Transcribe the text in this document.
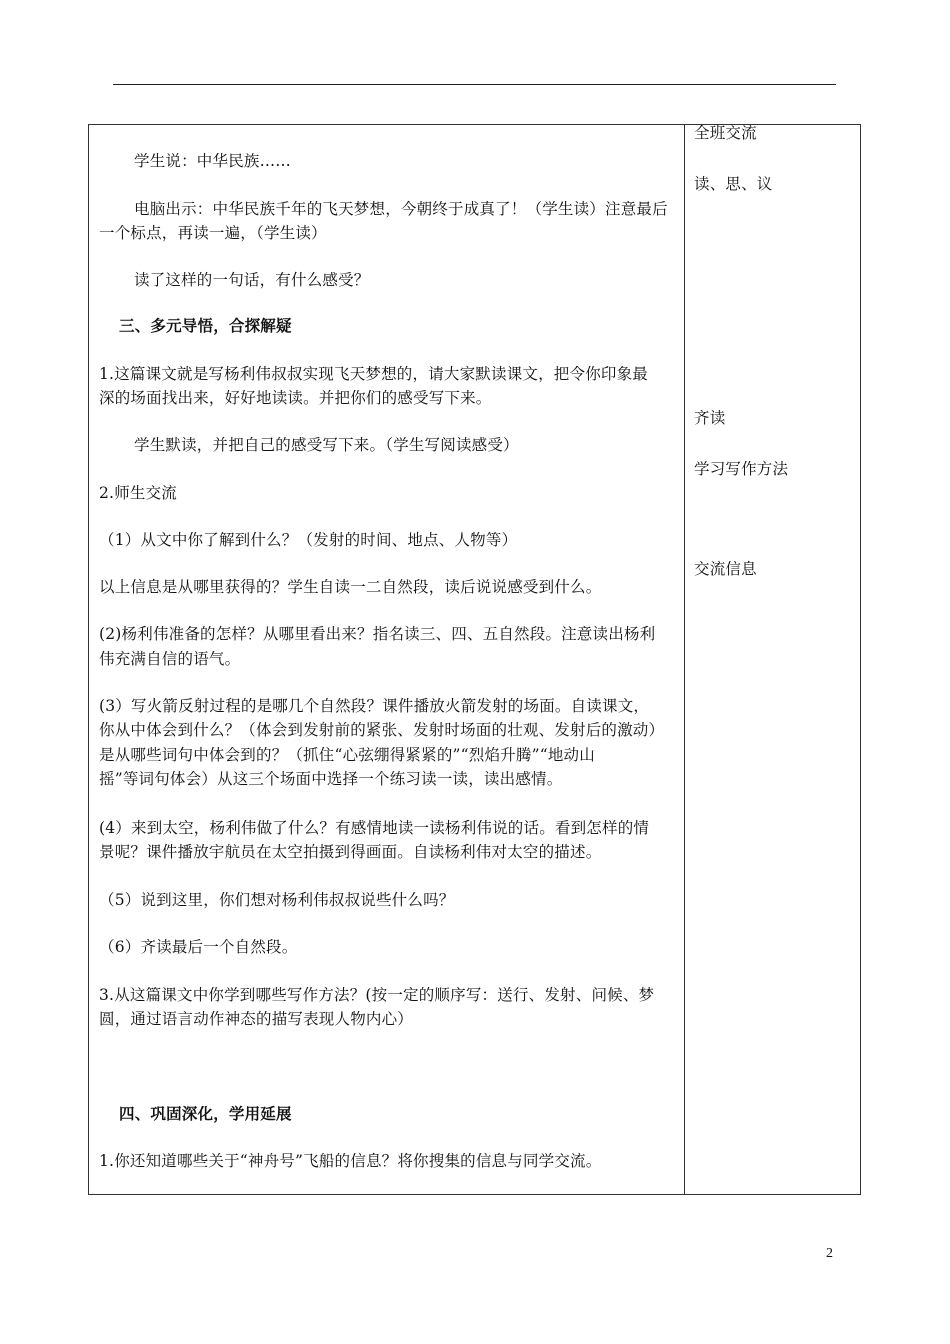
学生说：中华民族……
电脑出示：中华民族千年的飞天梦想，今朝终于成真了！（学生读）注意最后
一个标点，再读一遍，（学生读）
读了这样的一句话，有什么感受？
三、多元导悟，合探解疑
1.这篇课文就是写杨利伟叔叔实现飞天梦想的，请大家默读课文，把令你印象最
深的场面找出来，好好地读读。并把你们的感受写下来。
学生默读，并把自己的感受写下来。（学生写阅读感受）
2.师生交流
（1）从文中你了解到什么？（发射的时间、地点、人物等）
以上信息是从哪里获得的？学生自读一二自然段，读后说说感受到什么。
(2)杨利伟准备的怎样？从哪里看出来？指名读三、四、五自然段。注意读出杨利
伟充满自信的语气。
(3）写火箭反射过程的是哪几个自然段？课件播放火箭发射的场面。自读课文，
你从中体会到什么？（体会到发射前的紧张、发射时场面的壮观、发射后的激动）
是从哪些词句中体会到的？（抓住“心弦绷得紧紧的”“烈焰升腾”“地动山
摇”等词句体会）从这三个场面中选择一个练习读一读，读出感情。
(4）来到太空，杨利伟做了什么？有感情地读一读杨利伟说的话。看到怎样的情
景呢？课件播放宇航员在太空拍摄到得画面。自读杨利伟对太空的描述。
（5）说到这里，你们想对杨利伟叔叔说些什么吗？
（6）齐读最后一个自然段。
3.从这篇课文中你学到哪些写作方法？(按一定的顺序写：送行、发射、问候、梦
圆，通过语言动作神态的描写表现人物内心）
四、巩固深化，学用延展
1.你还知道哪些关于“神舟号”飞船的信息？将你搜集的信息与同学交流。
全班交流
读、思、议
齐读
学习写作方法
交流信息
2
